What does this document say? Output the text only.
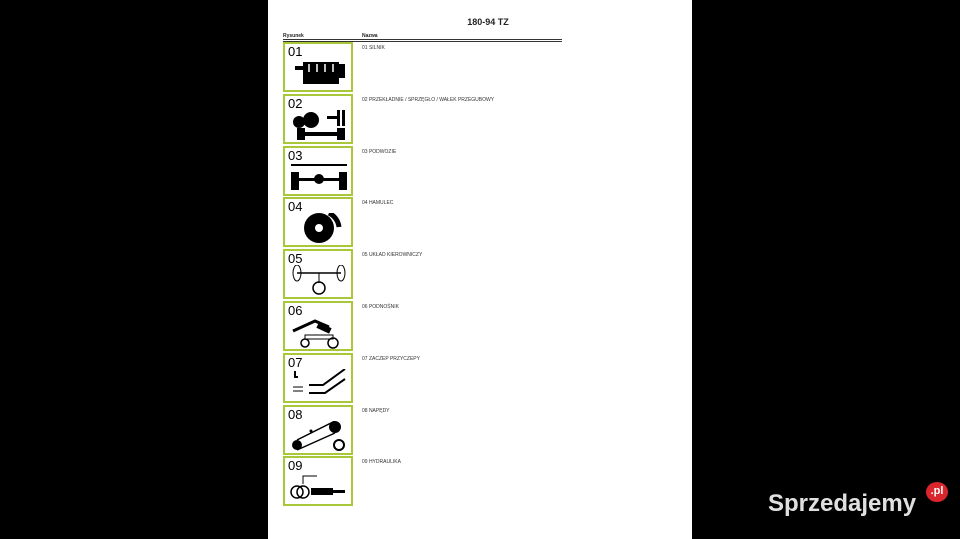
180-94 TZ
Rysunek	Nazwa
01	01 SILNIK
02	02 PRZEKŁADNIE / SPRZĘGŁO / WAŁEK PRZEGUBOWY
03	03 PODWOZIE
04	04 HAMULEC
05	05 UKŁAD KIEROWNICZY
06	06 PODNOŚNIK
07	07 ZACZEP PRZYCZEPY
08	08 NAPĘDY
09	09 HYDRAULIKA
Sprzedajemy	.pl
